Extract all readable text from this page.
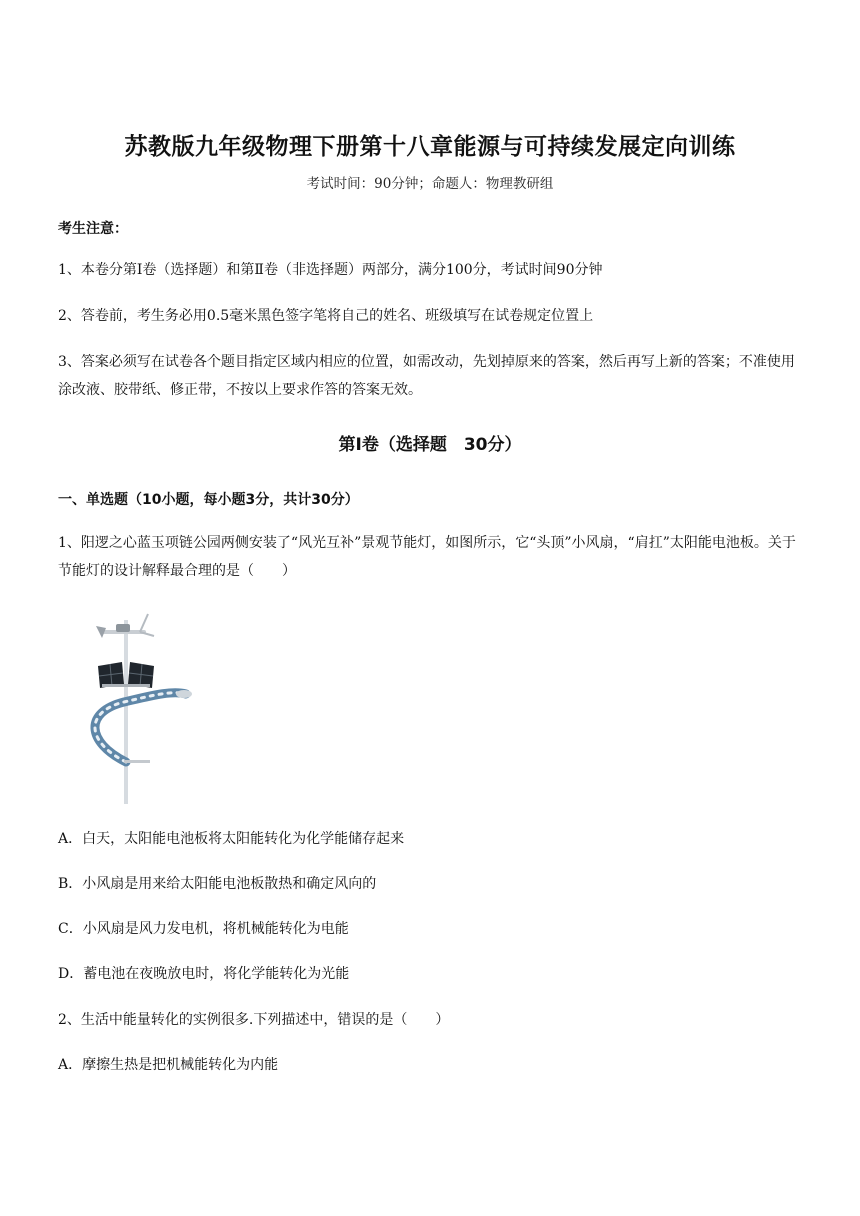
苏教版九年级物理下册第十八章能源与可持续发展定向训练
考试时间：90分钟；命题人：物理教研组
考生注意：
1、本卷分第Ⅰ卷（选择题）和第Ⅱ卷（非选择题）两部分，满分100分，考试时间90分钟
2、答卷前，考生务必用0.5毫米黑色签字笔将自己的姓名、班级填写在试卷规定位置上
3、答案必须写在试卷各个题目指定区域内相应的位置，如需改动，先划掉原来的答案，然后再写上新的答案；不准使用涂改液、胶带纸、修正带，不按以上要求作答的答案无效。
第Ⅰ卷（选择题　30分）
一、单选题（10小题，每小题3分，共计30分）
1、阳逻之心蓝玉项链公园两侧安装了“风光互补”景观节能灯，如图所示，它“头顶”小风扇，“肩扛”太阳能电池板。关于节能灯的设计解释最合理的是（　　）
A．白天，太阳能电池板将太阳能转化为化学能储存起来
B．小风扇是用来给太阳能电池板散热和确定风向的
C．小风扇是风力发电机，将机械能转化为电能
D．蓄电池在夜晚放电时，将化学能转化为光能
2、生活中能量转化的实例很多.下列描述中，错误的是（　　）
A．摩擦生热是把机械能转化为内能
